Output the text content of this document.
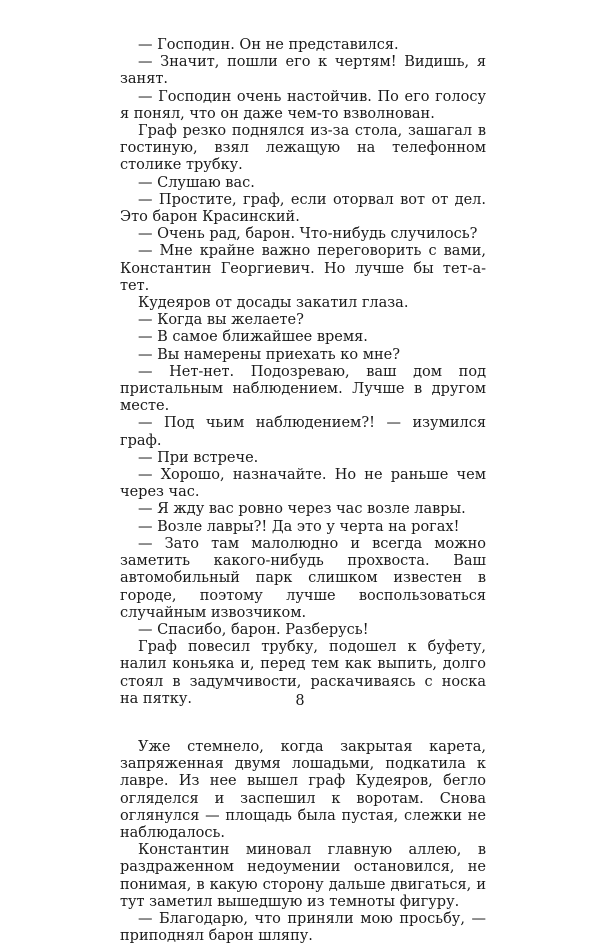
— Господин. Он не представился.

— Значит, пошли его к чертям! Видишь, я занят.

— Господин очень настойчив. По его голосу я понял, что он даже чем-то взволнован.

Граф резко поднялся из-за стола, зашагал в гостиную, взял лежащую на телефонном столике трубку.

— Слушаю вас.

— Простите, граф, если оторвал вот от дел. Это барон Красинский.

— Очень рад, барон. Что-нибудь случилось?

— Мне крайне важно переговорить с вами, Константин Георгиевич. Но лучше бы тет-а-тет.

Кудеяров от досады закатил глаза.

— Когда вы желаете?

— В самое ближайшее время.

— Вы намерены приехать ко мне?

— Нет-нет. Подозреваю, ваш дом под пристальным наблюдением. Лучше в другом месте.

— Под чьим наблюдением?! — изумился граф.

— При встрече.

— Хорошо, назначайте. Но не раньше чем через час.

— Я жду вас ровно через час возле лавры.

— Возле лавры?! Да это у черта на рогах!

— Зато там малолюдно и всегда можно заметить какого-нибудь прохвоста. Ваш автомобильный парк слишком известен в городе, поэтому лучше воспользоваться случайным извозчиком.

— Спасибо, барон. Разберусь!

Граф повесил трубку, подошел к буфету, налил коньяка и, перед тем как выпить, долго стоял в задумчивости, раскачиваясь с носка на пятку.

Уже стемнело, когда закрытая карета, запряженная двумя лошадьми, подкатила к лавре. Из нее вышел граф Кудеяров, бегло огляделся и заспешил к воротам. Снова оглянулся — площадь была пустая, слежки не наблюдалось.

Константин миновал главную аллею, в раздраженном недоумении остановился, не понимая, в какую сторону дальше двигаться, и тут заметил вышедшую из темноты фигуру.

— Благодарю, что приняли мою просьбу, — приподнял барон шляпу.

8
